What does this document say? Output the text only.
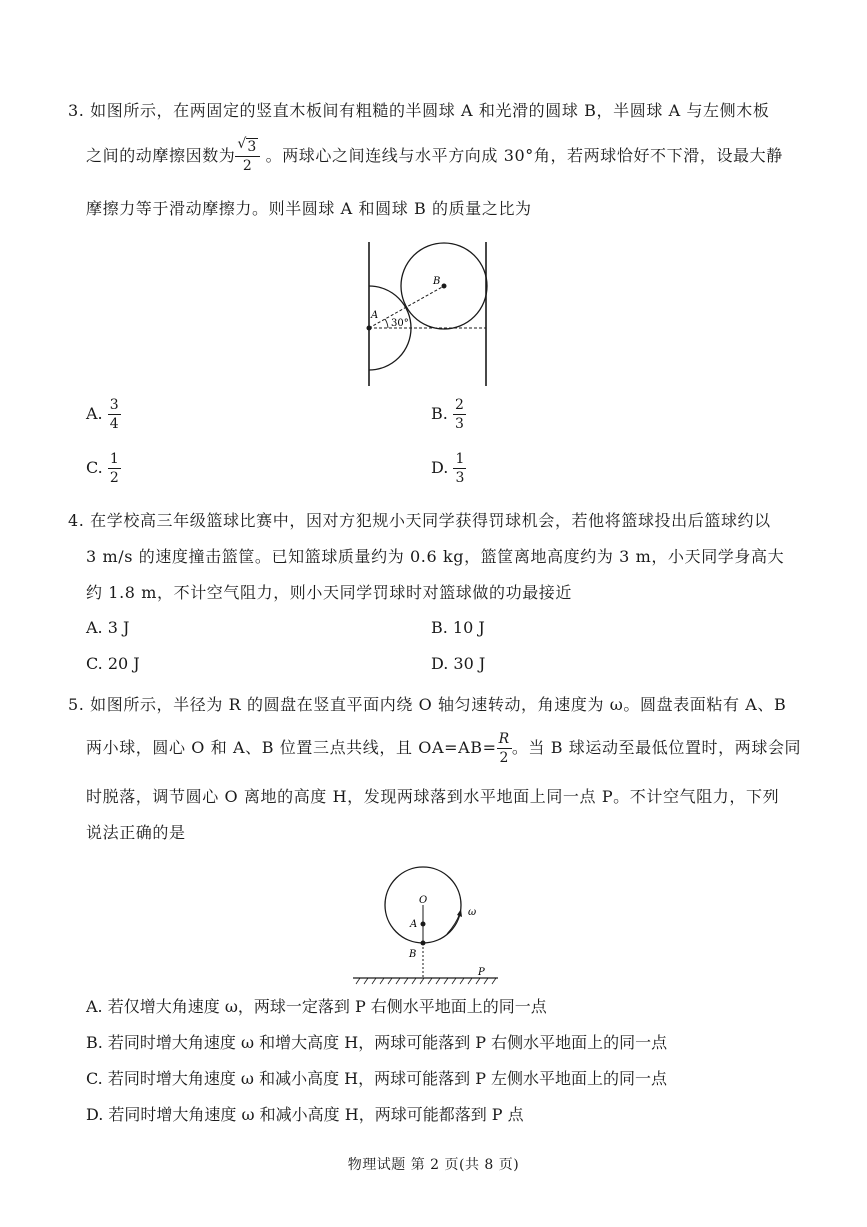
3. 如图所示，在两固定的竖直木板间有粗糙的半圆球 A 和光滑的圆球 B，半圆球 A 与左侧木板
之间的动摩擦因数为 $\frac{√ 3}{2}$ 。两球心之间连线与水平方向成 30°角，若两球恰好不下滑，设最大静
摩擦力等于滑动摩擦力。则半圆球 A 和圆球 B 的质量之比为
A
B
30°
A. $\frac{3}{4}$	B. $\frac{2}{3}$
C. $\frac{1}{2}$	D. $\frac{1}{3}$
4. 在学校高三年级篮球比赛中，因对方犯规小天同学获得罚球机会，若他将篮球投出后篮球约以
3 m/s 的速度撞击篮筐。已知篮球质量约为 0.6 kg，篮筐离地高度约为 3 m，小天同学身高大
约 1.8 m，不计空气阻力，则小天同学罚球时对篮球做的功最接近
A. 3 J	B. 10 J
C. 20 J	D. 30 J
5. 如图所示，半径为 R 的圆盘在竖直平面内绕 O 轴匀速转动，角速度为 ω。圆盘表面粘有 A、B
两小球，圆心 O 和 A、B 位置三点共线，且 $OA=AB= \frac{R}{2}$ 。当 B 球运动至最低位置时，两球会同
时脱落，调节圆心 O 离地的高度 H，发现两球落到水平地面上同一点 P。不计空气阻力，下列
说法正确的是
O
A
B
P
ω
A. 若仅增大角速度 ω，两球一定落到 P 右侧水平地面上的同一点
B. 若同时增大角速度 ω 和增大高度 H，两球可能落到 P 右侧水平地面上的同一点
C. 若同时增大角速度 ω 和减小高度 H，两球可能落到 P 左侧水平地面上的同一点
D. 若同时增大角速度 ω 和减小高度 H，两球可能都落到 P 点
物理试题 第 2 页(共 8 页)
